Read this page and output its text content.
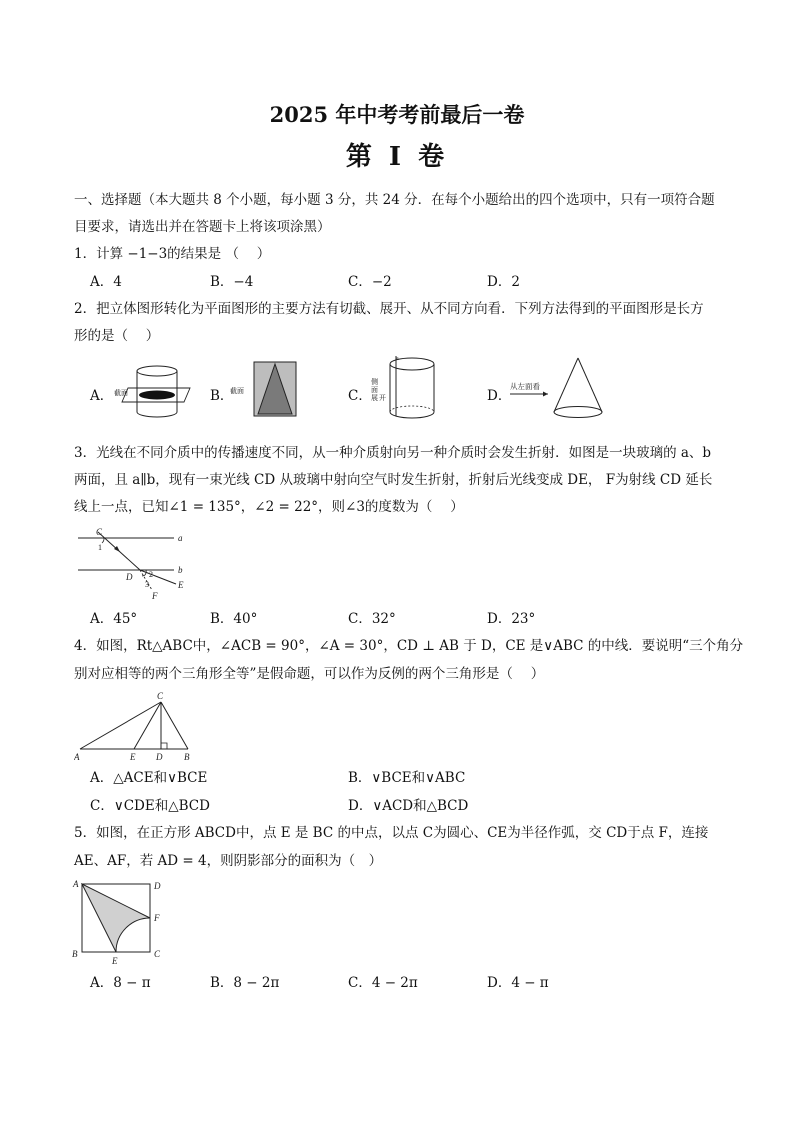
2025 年中考考前最后一卷
第 I 卷
一、选择题（本大题共 8 个小题，每小题 3 分，共 24 分．在每个小题给出的四个选项中，只有一项符合题
目要求，请选出并在答题卡上将该项涂黑）
1．计算 −1−3的结果是 （　 ）
A．4	B．−4	C．−2	D．2
2．把立体图形转化为平面图形的主要方法有切截、展开、从不同方向看．下列方法得到的平面图形是长方
形的是（　 ）
A．	B．	C．	D．
截面	截面
a
侧
面
展 开
从左面看
3．光线在不同介质中的传播速度不同，从一种介质射向另一种介质时会发生折射．如图是一块玻璃的 a、b
两面，且 a∥b，现有一束光线 CD 从玻璃中射向空气时发生折射，折射后光线变成 DE， F为射线 CD 延长
线上一点，已知∠1 = 135°，∠2 = 22°，则∠3的度数为（　 ）
C
1
a
b
D 2
3	E
F
A．45°	B．40°	C．32°	D．23°
4．如图，Rt△ABC中，∠ACB = 90°，∠A = 30°，CD ⊥ AB 于 D，CE 是∨ABC 的中线．要说明“三个角分
别对应相等的两个三角形全等”是假命题，可以作为反例的两个三角形是（　 ）
C
A	E D B
A．△ACE和∨BCE	B．∨BCE和∨ABC
C．∨CDE和△BCD	D．∨ACD和△BCD
5．如图，在正方形 ABCD中，点 E 是 BC 的中点，以点 C为圆心、CE为半径作弧，交 CD于点 F，连接
AE、AF，若 AD = 4，则阴影部分的面积为（　）
A	D
F
B
E
C
A．8 − π	B．8 − 2π	C．4 − 2π	D．4 − π
